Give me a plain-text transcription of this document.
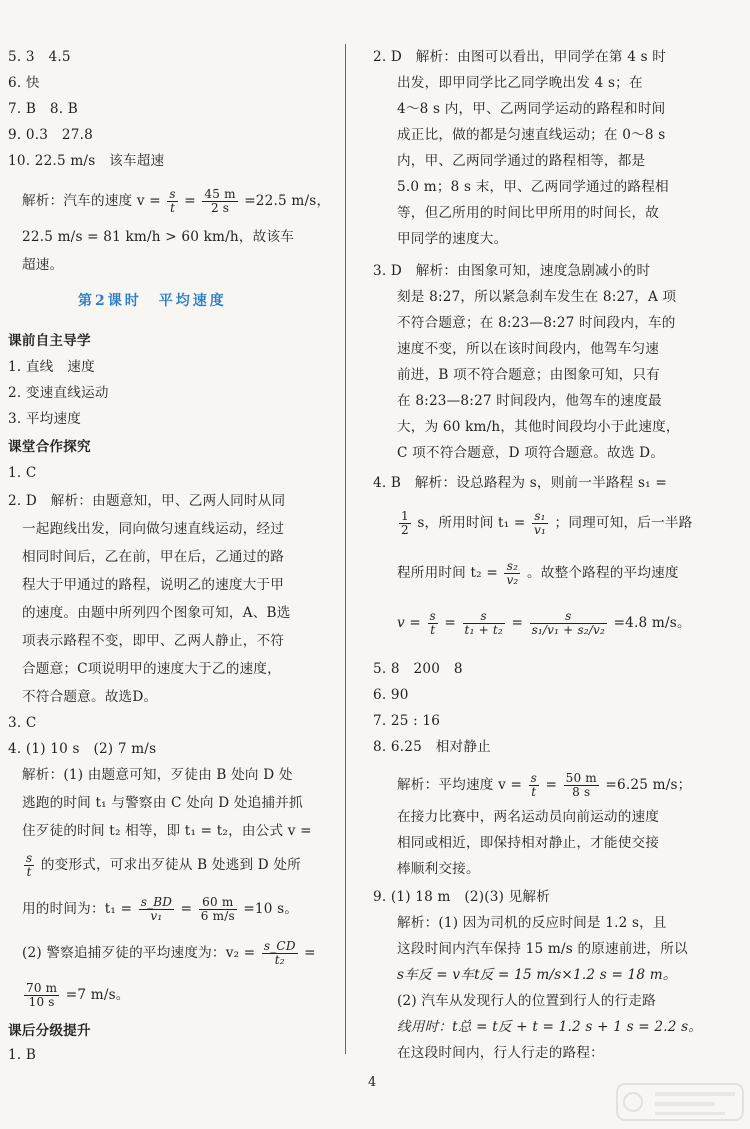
5. 3　4.5
6. 快
7. B　8. B
9. 0.3　27.8
10. 22.5 m/s　该车超速
解析：汽车的速度 $v = \frac{s}{t} = \frac{45 m}{2 s} =22.5$ m/s，
22.5 m/s = 81 km/h > 60 km/h，故该车
超速。
第2课时　平均速度
课前自主导学
1. 直线　速度
2. 变速直线运动
3. 平均速度
课堂合作探究
1. C
2. D　解析：由题意知，甲、乙两人同时从同
一起跑线出发，同向做匀速直线运动，经过
相同时间后，乙在前，甲在后，乙通过的路
程大于甲通过的路程，说明乙的速度大于甲
的速度。由题中所列四个图象可知，A、B选
项表示路程不变，即甲、乙两人静止，不符
合题意；C项说明甲的速度大于乙的速度，
不符合题意。故选D。
3. C
4. (1) 10 s　(2) 7 m/s
解析：(1) 由题意可知，歹徒由 B 处向 D 处
逃跑的时间 t₁ 与警察由 C 处向 D 处追捕并抓
住歹徒的时间 t₂ 相等，即 t₁ = t₂，由公式 v =
$\frac{s}{t}$ 的变形式，可求出歹徒从 B 处逃到 D 处所
用的时间为：$t_1 = \frac{s\_BD}{\text{v₁}} = \frac{60 m}{6 m/s} =10$ s。
(2) 警察追捕歹徒的平均速度为：$v_2 = \frac{s\_CD}{\text{t₂}}$ =
$\frac{70 m}{10 s} =7$ m/s。
课后分级提升
1. B
2. D　解析：由图可以看出，甲同学在第 4 s 时
出发，即甲同学比乙同学晚出发 4 s；在
4～8 s 内，甲、乙两同学运动的路程和时间
成正比，做的都是匀速直线运动；在 0～8 s
内，甲、乙两同学通过的路程相等，都是
5.0 m；8 s 末，甲、乙两同学通过的路程相
等，但乙所用的时间比甲所用的时间长，故
甲同学的速度大。
3. D　解析：由图象可知，速度急剧减小的时
刻是 8:27，所以紧急刹车发生在 8:27，A 项
不符合题意；在 8:23—8:27 时间段内，车的
速度不变，所以在该时间段内，他驾车匀速
前进，B 项不符合题意；由图象可知，只有
在 8:23—8:27 时间段内，他驾车的速度最
大，为 60 km/h，其他时间段均小于此速度，
C 项不符合题意，D 项符合题意。故选 D。
4. B　解析：设总路程为 s，则前一半路程 s₁ =
$\frac{1}{2}$ s，所用时间 $t_1 = \frac{\text{s₁}}{\text{v₁}}$ ；同理可知，后一半路
程所用时间 $t_2 = \frac{\text{s₂}}{\text{v₂}}$ 。故整个路程的平均速度
$v = \frac{s}{t} = \frac{s}{\text{t₁ + t₂}} = \frac{s}{\text{s₁/v₁ + s₂/v₂}} =4.8$ m/s。
5. 8　200　8
6. 90
7. 25 : 16
8. 6.25　相对静止
解析：平均速度 $v = \frac{s}{t} = \frac{50 m}{8 s} =6.25$ m/s；
在接力比赛中，两名运动员向前运动的速度
相同或相近，即保持相对静止，才能使交接
棒顺利交接。
9. (1) 18 m　(2)(3) 见解析
解析：(1) 因为司机的反应时间是 1.2 s，且
这段时间内汽车保持 15 m/s 的原速前进，所以
s车反 = v车t反 = 15 m/s×1.2 s = 18 m。
(2) 汽车从发现行人的位置到行人的行走路
线用时：t总 = t反 + t = 1.2 s + 1 s = 2.2 s。
在这段时间内，行人行走的路程：
4
